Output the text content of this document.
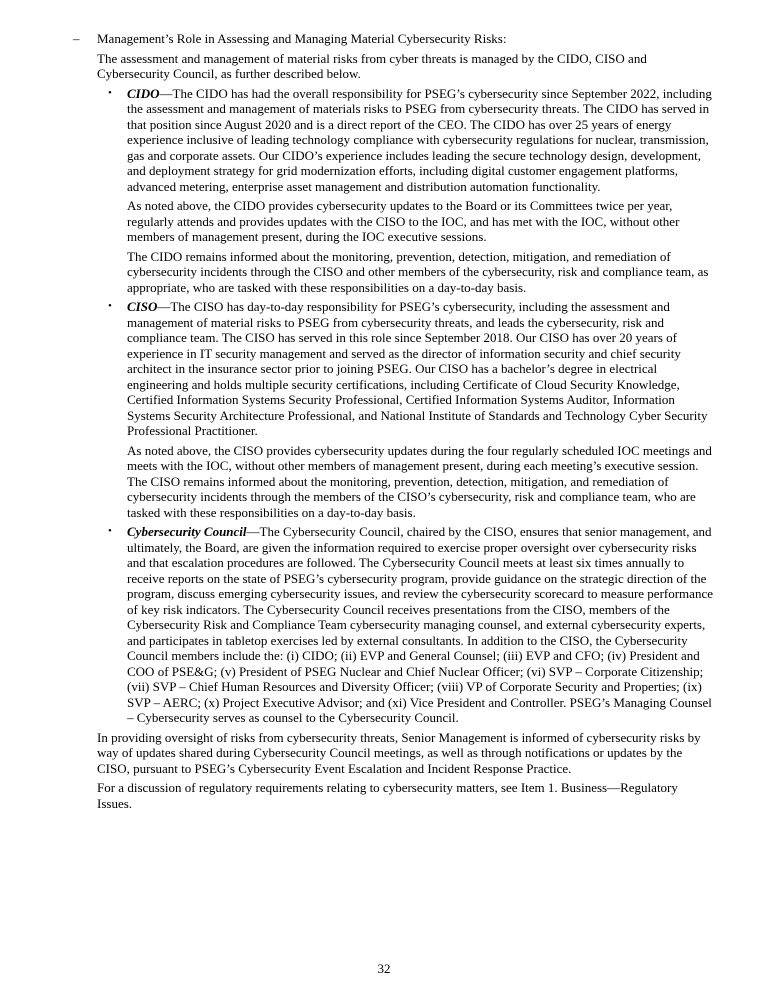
– Management’s Role in Assessing and Managing Material Cybersecurity Risks:

The assessment and management of material risks from cyber threats is managed by the CIDO, CISO and Cybersecurity Council, as further described below.

• CIDO—The CIDO has had the overall responsibility for PSEG’s cybersecurity since September 2022, including the assessment and management of materials risks to PSEG from cybersecurity threats. The CIDO has served in that position since August 2020 and is a direct report of the CEO. The CIDO has over 25 years of energy experience inclusive of leading technology compliance with cybersecurity regulations for nuclear, transmission, gas and corporate assets. Our CIDO’s experience includes leading the secure technology design, development, and deployment strategy for grid modernization efforts, including digital customer engagement platforms, advanced metering, enterprise asset management and distribution automation functionality.

As noted above, the CIDO provides cybersecurity updates to the Board or its Committees twice per year, regularly attends and provides updates with the CISO to the IOC, and has met with the IOC, without other members of management present, during the IOC executive sessions.

The CIDO remains informed about the monitoring, prevention, detection, mitigation, and remediation of cybersecurity incidents through the CISO and other members of the cybersecurity, risk and compliance team, as appropriate, who are tasked with these responsibilities on a day-to-day basis.

• CISO—The CISO has day-to-day responsibility for PSEG’s cybersecurity, including the assessment and management of material risks to PSEG from cybersecurity threats, and leads the cybersecurity, risk and compliance team. The CISO has served in this role since September 2018. Our CISO has over 20 years of experience in IT security management and served as the director of information security and chief security architect in the insurance sector prior to joining PSEG. Our CISO has a bachelor’s degree in electrical engineering and holds multiple security certifications, including Certificate of Cloud Security Knowledge, Certified Information Systems Security Professional, Certified Information Systems Auditor, Information Systems Security Architecture Professional, and National Institute of Standards and Technology Cyber Security Professional Practitioner.

As noted above, the CISO provides cybersecurity updates during the four regularly scheduled IOC meetings and meets with the IOC, without other members of management present, during each meeting’s executive session. The CISO remains informed about the monitoring, prevention, detection, mitigation, and remediation of cybersecurity incidents through the members of the CISO’s cybersecurity, risk and compliance team, who are tasked with these responsibilities on a day-to-day basis.

• Cybersecurity Council—The Cybersecurity Council, chaired by the CISO, ensures that senior management, and ultimately, the Board, are given the information required to exercise proper oversight over cybersecurity risks and that escalation procedures are followed. The Cybersecurity Council meets at least six times annually to receive reports on the state of PSEG’s cybersecurity program, provide guidance on the strategic direction of the program, discuss emerging cybersecurity issues, and review the cybersecurity scorecard to measure performance of key risk indicators. The Cybersecurity Council receives presentations from the CISO, members of the Cybersecurity Risk and Compliance Team cybersecurity managing counsel, and external cybersecurity experts, and participates in tabletop exercises led by external consultants. In addition to the CISO, the Cybersecurity Council members include the: (i) CIDO; (ii) EVP and General Counsel; (iii) EVP and CFO; (iv) President and COO of PSE&G; (v) President of PSEG Nuclear and Chief Nuclear Officer; (vi) SVP – Corporate Citizenship; (vii) SVP – Chief Human Resources and Diversity Officer; (viii) VP of Corporate Security and Properties; (ix) SVP – AERC; (x) Project Executive Advisor; and (xi) Vice President and Controller. PSEG’s Managing Counsel – Cybersecurity serves as counsel to the Cybersecurity Council.

In providing oversight of risks from cybersecurity threats, Senior Management is informed of cybersecurity risks by way of updates shared during Cybersecurity Council meetings, as well as through notifications or updates by the CISO, pursuant to PSEG’s Cybersecurity Event Escalation and Incident Response Practice.

For a discussion of regulatory requirements relating to cybersecurity matters, see Item 1. Business—Regulatory Issues.

32
